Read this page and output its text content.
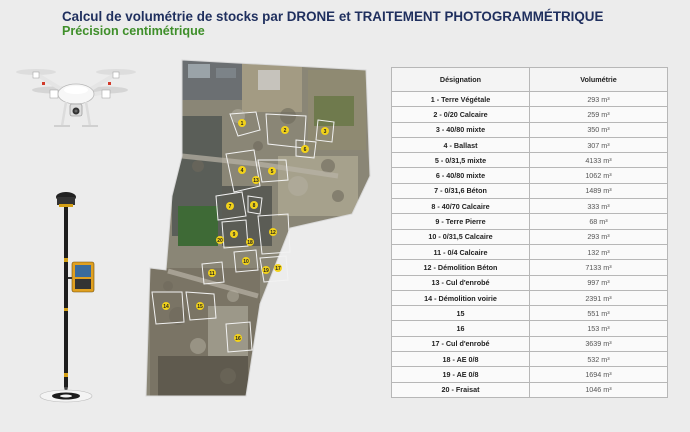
Calcul de volumétrie de stocks par DRONE et TRAITEMENT PHOTOGRAMMÉTRIQUE
Précision centimétrique
1
2	3
4	5
6
7	8
9
10
11
12
13
14	15
16
17
18
19
20
Désignation	Volumétrie
1 - Terre Végétale	293 m³
2 - 0/20 Calcaire	259 m³
3 - 40/80 mixte	350 m³
4 - Ballast	307 m³
5 - 0/31,5 mixte	4133 m³
6 - 40/80 mixte	1062 m³
7 - 0/31,6 Béton	1489 m³
8 - 40/70 Calcaire	333 m³
9 - Terre Pierre	68 m³
10 - 0/31,5 Calcaire	293 m³
11 - 0/4 Calcaire	132 m³
12 - Démolition Béton	7133 m³
13 - Cul d'enrobé	997 m³
14 - Démolition voirie	2391 m³
15	551 m³
16	153 m³
17 - Cul d'enrobé	3639 m³
18 - AE 0/8	532 m³
19 - AE 0/8	1694 m³
20 - Fraisat	1046 m³
